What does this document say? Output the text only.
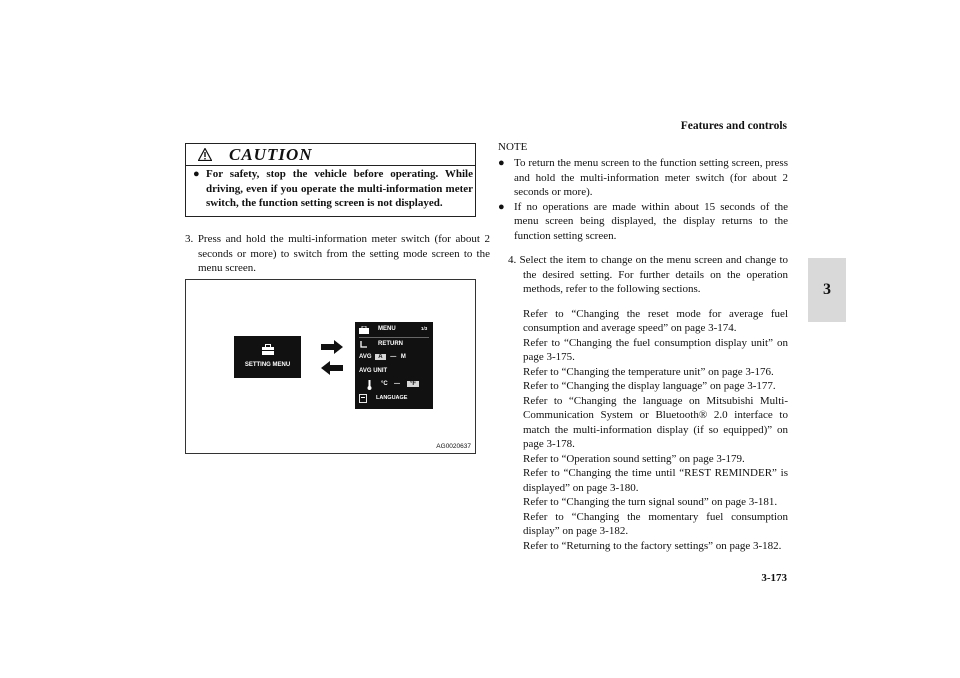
Features and controls
3
CAUTION
● For safety, stop the vehicle before operating. While driving, even if you operate the multi-information meter switch, the function setting screen is not displayed.
3. Press and hold the multi-information meter switch (for about 2 seconds or more) to switch from the setting mode screen to the menu screen.
SETTING MENU
MENU	1/3
RETURN
AVG A — M
AVG UNIT
°C —	°F
LANGUAGE
AG0020637
NOTE
● To return the menu screen to the function setting screen, press and hold the multi-information meter switch (for about 2 seconds or more).
● If no operations are made within about 15 seconds of the menu screen being displayed, the display returns to the function setting screen.
4. Select the item to change on the menu screen and change to the desired setting. For further details on the operation methods, refer to the following sections.
Refer to “Changing the reset mode for average fuel consumption and average speed” on page 3-174.
Refer to “Changing the fuel consumption display unit” on page 3-175.
Refer to “Changing the temperature unit” on page 3-176.
Refer to “Changing the display language” on page 3-177.
Refer to “Changing the language on Mitsubishi Multi-Communication System or Bluetooth® 2.0 interface to match the multi-information display (if so equipped)” on page 3-178.
Refer to “Operation sound setting” on page 3-179.
Refer to “Changing the time until “REST REMINDER” is displayed” on page 3-180.
Refer to “Changing the turn signal sound” on page 3-181.
Refer to “Changing the momentary fuel consumption display” on page 3-182.
Refer to “Returning to the factory settings” on page 3-182.
3-173
